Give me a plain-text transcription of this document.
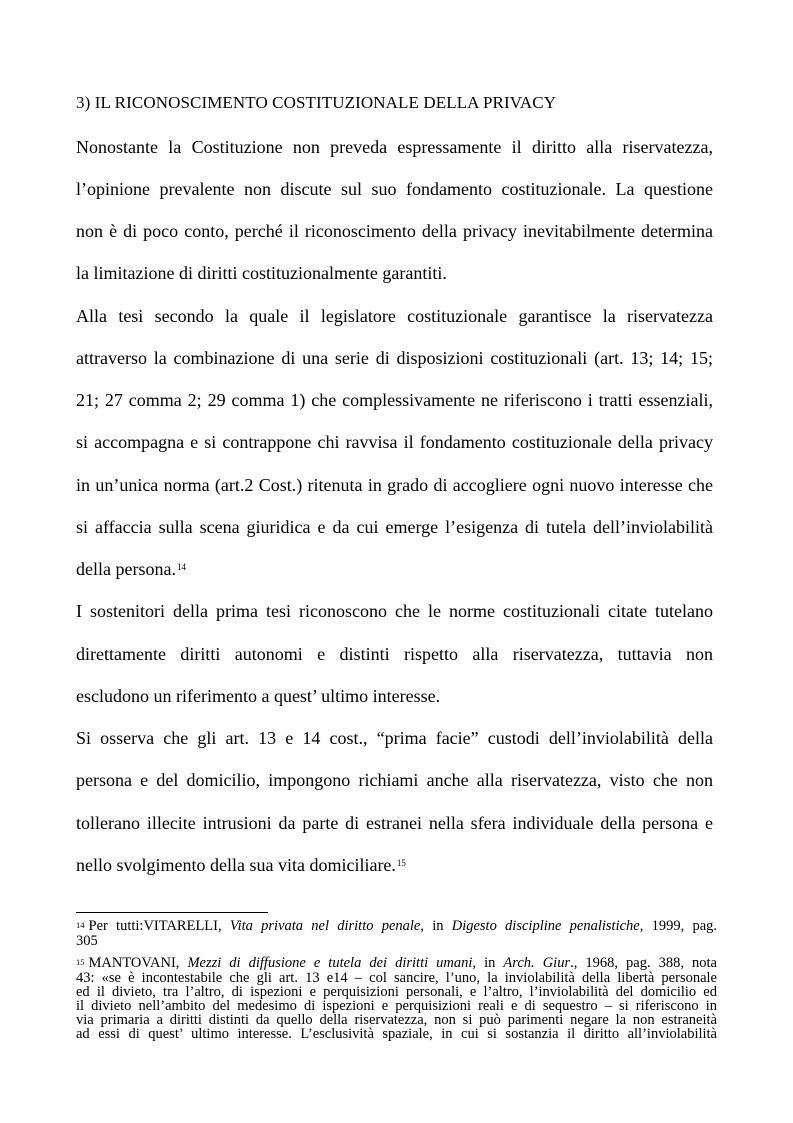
3) IL RICONOSCIMENTO COSTITUZIONALE DELLA PRIVACY
Nonostante la Costituzione non preveda espressamente il diritto alla riservatezza,
l’opinione prevalente non discute sul suo fondamento costituzionale. La questione
non è di poco conto, perché il riconoscimento della privacy inevitabilmente determina
la limitazione di diritti costituzionalmente garantiti.
Alla tesi secondo la quale il legislatore costituzionale garantisce la riservatezza
attraverso la combinazione di una serie di disposizioni costituzionali (art. 13; 14; 15;
21; 27 comma 2; 29 comma 1) che complessivamente ne riferiscono i tratti essenziali,
si accompagna e si contrappone chi ravvisa il fondamento costituzionale della privacy
in un’unica norma (art.2 Cost.) ritenuta in grado di accogliere ogni nuovo interesse che
si affaccia sulla scena giuridica e da cui emerge l’esigenza di tutela dell’inviolabilità
della persona.$^{14}$
I sostenitori della prima tesi riconoscono che le norme costituzionali citate tutelano
direttamente diritti autonomi e distinti rispetto alla riservatezza, tuttavia non
escludono un riferimento a quest’ ultimo interesse.
Si osserva che gli art. 13 e 14 cost., “prima facie” custodi dell’inviolabilità della
persona e del domicilio, impongono richiami anche alla riservatezza, visto che non
tollerano illecite intrusioni da parte di estranei nella sfera individuale della persona e
nello svolgimento della sua vita domiciliare.$^{15}$
$^{14}$ Per tutti:VITARELLI, Vita privata nel diritto penale, in Digesto discipline penalistiche, 1999, pag.
305
$^{15}$ MANTOVANI, Mezzi di diffusione e tutela dei diritti umani, in Arch. Giur., 1968, pag. 388, nota
43: «se è incontestabile che gli art. 13 e14 – col sancire, l’uno, la inviolabilità della libertà personale
ed il divieto, tra l’altro, di ispezioni e perquisizioni personali, e l’altro, l’inviolabilità del domicilio ed
il divieto nell’ambito del medesimo di ispezioni e perquisizioni reali e di sequestro – si riferiscono in
via primaria a diritti distinti da quello della riservatezza, non si può parimenti negare la non estraneità
ad essi di quest’ ultimo interesse. L’esclusività spaziale, in cui si sostanzia il diritto all’inviolabilità
